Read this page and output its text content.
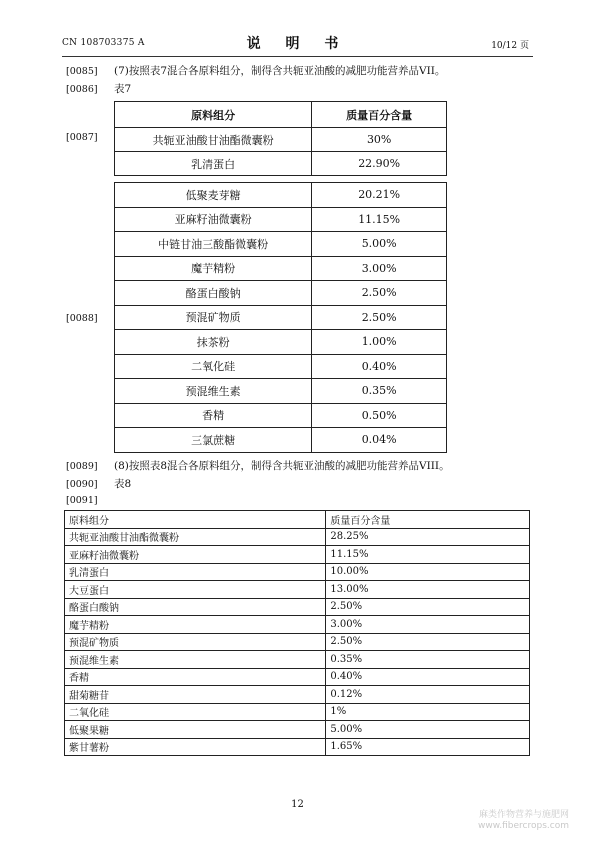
CN 108703375 A	说 明 书	10/12 页
[0085] (7)按照表7混合各原料组分，制得含共轭亚油酸的减肥功能营养品VII。
[0086] 表7
[0087]
原料组分	质量百分含量
共轭亚油酸甘油酯微囊粉	30%
乳清蛋白	22.90%
[0088]
低聚麦芽糖	20.21%
亚麻籽油微囊粉	11.15%
中链甘油三酸酯微囊粉	5.00%
魔芋精粉	3.00%
酪蛋白酸钠	2.50%
预混矿物质	2.50%
抹茶粉	1.00%
二氧化硅	0.40%
预混维生素	0.35%
香精	0.50%
三氯蔗糖	0.04%
[0089] (8)按照表8混合各原料组分，制得含共轭亚油酸的减肥功能营养品VIII。
[0090] 表8
[0091]
原料组分	质量百分含量
共轭亚油酸甘油酯微囊粉	28.25%
亚麻籽油微囊粉	11.15%
乳清蛋白	10.00%
大豆蛋白	13.00%
酪蛋白酸钠	2.50%
魔芋精粉	3.00%
预混矿物质	2.50%
预混维生素	0.35%
香精	0.40%
甜菊糖苷	0.12%
二氧化硅	1%
低聚果糖	5.00%
紫甘薯粉	1.65%
12
麻类作物营养与施肥网
www.fibercrops.com
